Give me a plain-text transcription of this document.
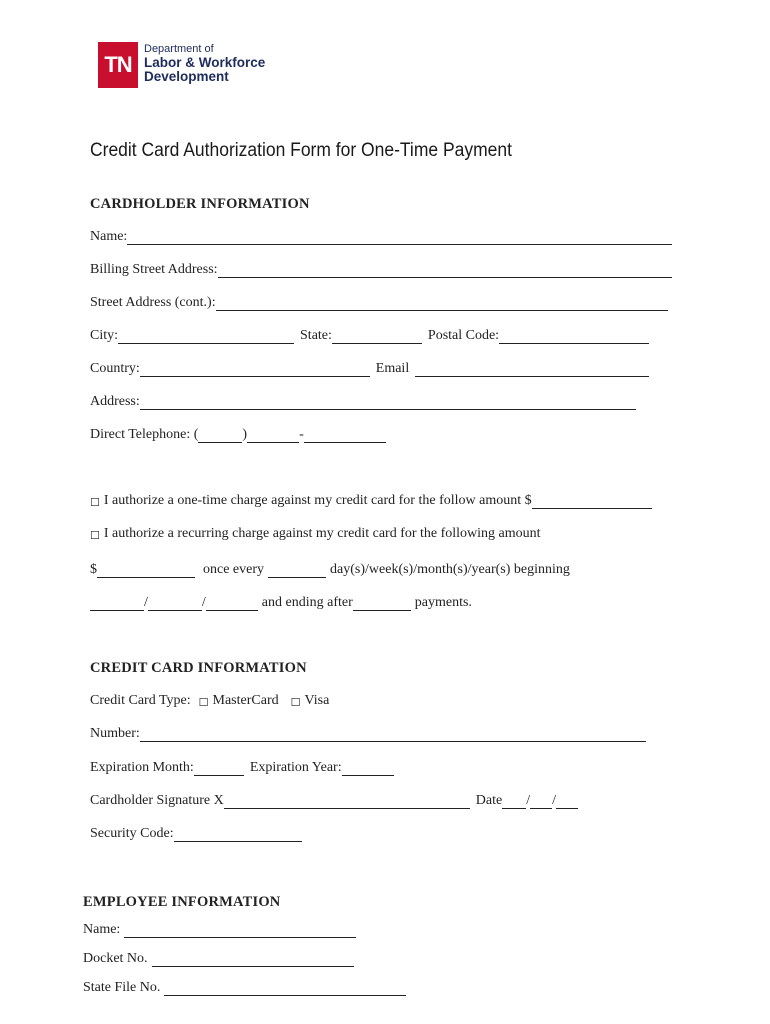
TN
Department of
Labor & Workforce
Development
Credit Card Authorization Form for One-Time Payment
CARDHOLDER INFORMATION
Name:
Billing Street Address:
Street Address (cont.):
City:	State:	Postal Code:
Country:	Email
Address:
Direct Telephone: (	)	-
☐ I authorize a one-time charge against my credit card for the follow amount $
☐ I authorize a recurring charge against my credit card for the following amount
$	once every	day(s)/week(s)/month(s)/year(s) beginning
/	/	and ending after	payments.
CREDIT CARD INFORMATION
Credit Card Type: ☐ MasterCard ☐ Visa
Number:
Expiration Month:	Expiration Year:
Cardholder Signature X	Date / /
Security Code:
EMPLOYEE INFORMATION
Name:
Docket No.
State File No.
